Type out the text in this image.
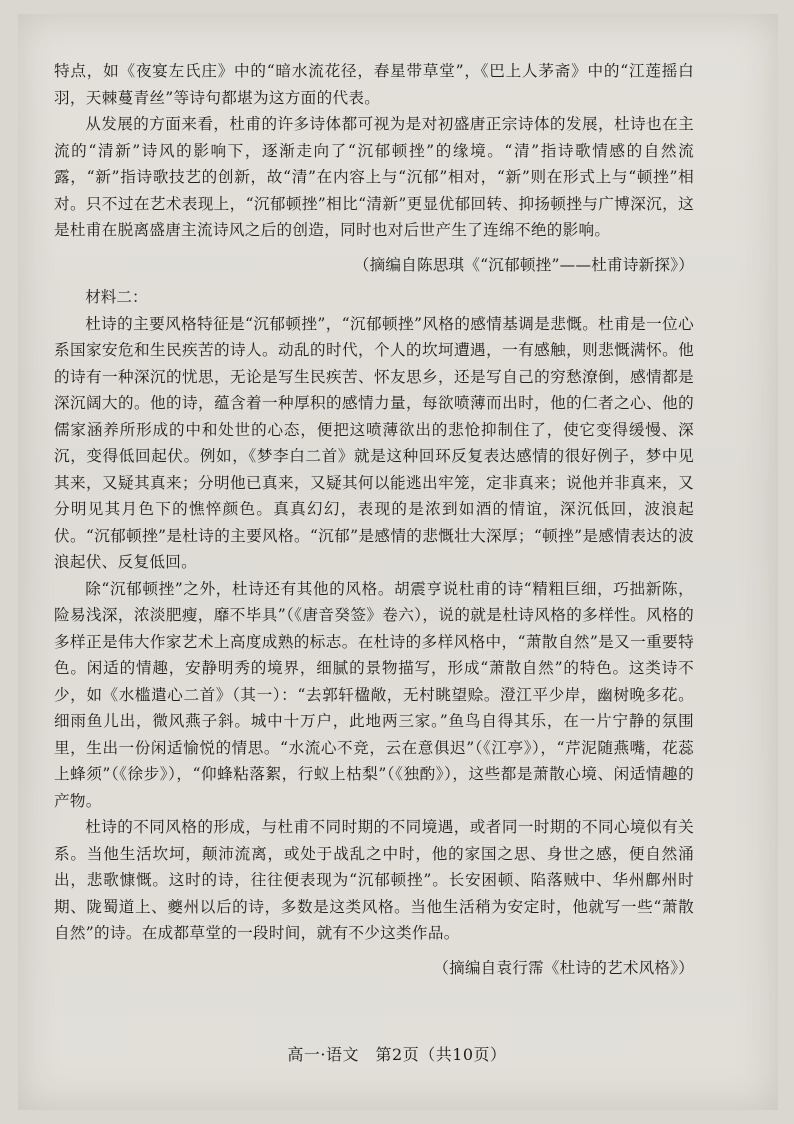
特点，如《夜宴左氏庄》中的“暗水流花径，春星带草堂”，《巴上人茅斋》中的“江莲摇白羽，天棘蔓青丝”等诗句都堪为这方面的代表。

从发展的方面来看，杜甫的许多诗体都可视为是对初盛唐正宗诗体的发展，杜诗也在主流的“清新”诗风的影响下，逐渐走向了“沉郁顿挫”的缘境。“清”指诗歌情感的自然流露，“新”指诗歌技艺的创新，故“清”在内容上与“沉郁”相对，“新”则在形式上与“顿挫”相对。只不过在艺术表现上，“沉郁顿挫”相比“清新”更显优郁回转、抑扬顿挫与广博深沉，这是杜甫在脱离盛唐主流诗风之后的创造，同时也对后世产生了连绵不绝的影响。

（摘编自陈思琪《“沉郁顿挫”——杜甫诗新探》）

材料二：

杜诗的主要风格特征是“沉郁顿挫”，“沉郁顿挫”风格的感情基调是悲慨。杜甫是一位心系国家安危和生民疾苦的诗人。动乱的时代，个人的坎坷遭遇，一有感触，则悲慨满怀。他的诗有一种深沉的忧思，无论是写生民疾苦、怀友思乡，还是写自己的穷愁潦倒，感情都是深沉阔大的。他的诗，蕴含着一种厚积的感情力量，每欲喷薄而出时，他的仁者之心、他的儒家涵养所形成的中和处世的心态，便把这喷薄欲出的悲怆抑制住了，使它变得缓慢、深沉，变得低回起伏。例如，《梦李白二首》就是这种回环反复表达感情的很好例子，梦中见其来，又疑其真来；分明他已真来，又疑其何以能逃出牢笼，定非真来；说他并非真来，又分明见其月色下的憔悴颜色。真真幻幻，表现的是浓到如酒的情谊，深沉低回，波浪起伏。“沉郁顿挫”是杜诗的主要风格。“沉郁”是感情的悲慨壮大深厚；“顿挫”是感情表达的波浪起伏、反复低回。

除“沉郁顿挫”之外，杜诗还有其他的风格。胡震亨说杜甫的诗“精粗巨细，巧拙新陈，险易浅深，浓淡肥瘦，靡不毕具”（《唐音癸签》卷六），说的就是杜诗风格的多样性。风格的多样正是伟大作家艺术上高度成熟的标志。在杜诗的多样风格中，“萧散自然”是又一重要特色。闲适的情趣，安静明秀的境界，细腻的景物描写，形成“萧散自然”的特色。这类诗不少，如《水槛遣心二首》（其一）：“去郭轩楹敞，无村眺望赊。澄江平少岸，幽树晚多花。细雨鱼儿出，微风燕子斜。城中十万户，此地两三家。”鱼鸟自得其乐，在一片宁静的氛围里，生出一份闲适愉悦的情思。“水流心不竞，云在意俱迟”（《江亭》），“芹泥随燕嘴，花蕊上蜂须”（《徐步》），“仰蜂粘落絮，行蚁上枯梨”（《独酌》），这些都是萧散心境、闲适情趣的产物。

杜诗的不同风格的形成，与杜甫不同时期的不同境遇，或者同一时期的不同心境似有关系。当他生活坎坷，颠沛流离，或处于战乱之中时，他的家国之思、身世之感，便自然涌出，悲歌慷慨。这时的诗，往往便表现为“沉郁顿挫”。长安困顿、陷落贼中、华州鄜州时期、陇蜀道上、夔州以后的诗，多数是这类风格。当他生活稍为安定时，他就写一些“萧散自然”的诗。在成都草堂的一段时间，就有不少这类作品。

（摘编自袁行霈《杜诗的艺术风格》）

高一·语文　第2页（共10页）
